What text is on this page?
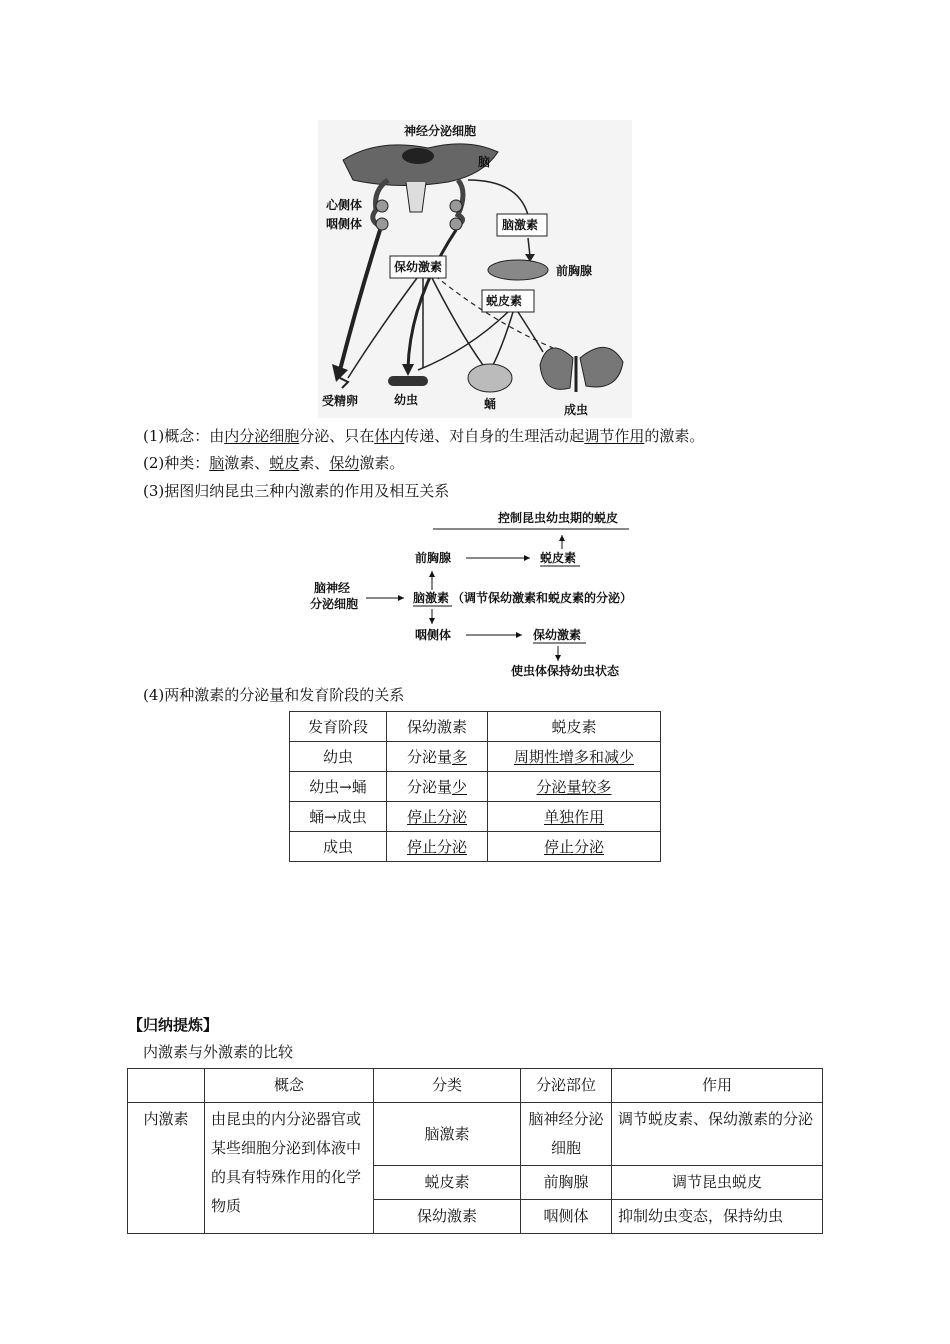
神经分泌细胞
脑
心侧体
咽侧体	脑激素
前胸腺
保幼激素
蜕皮素
受精卵	幼虫	蛹	成虫
(1)概念：由内分泌细胞分泌、只在体内传递、对自身的生理活动起调节作用的激素。
(2)种类：脑激素、蜕皮素、保幼激素。
(3)据图归纳昆虫三种内激素的作用及相互关系
控制昆虫幼虫期的蜕皮
前胸腺	蜕皮素
脑神经
分泌细胞	脑激素 （调节保幼激素和蜕皮素的分泌）
咽侧体	保幼激素
使虫体保持幼虫状态
(4)两种激素的分泌量和发育阶段的关系
发育阶段	保幼激素	蜕皮素
幼虫	分泌量多	周期性增多和减少
幼虫→蛹	分泌量少	分泌量较多
蛹→成虫	停止分泌	单独作用
成虫	停止分泌	停止分泌
【归纳提炼】
内激素与外激素的比较
	概念	分类	分泌部位	作用
内激素	由昆虫的内分泌器官或某些细胞分泌到体液中的具有特殊作用的化学物质	脑激素	脑神经分泌细胞	调节蜕皮素、保幼激素的分泌
		蜕皮素	前胸腺	调节昆虫蜕皮
		保幼激素	咽侧体	抑制幼虫变态，保持幼虫
